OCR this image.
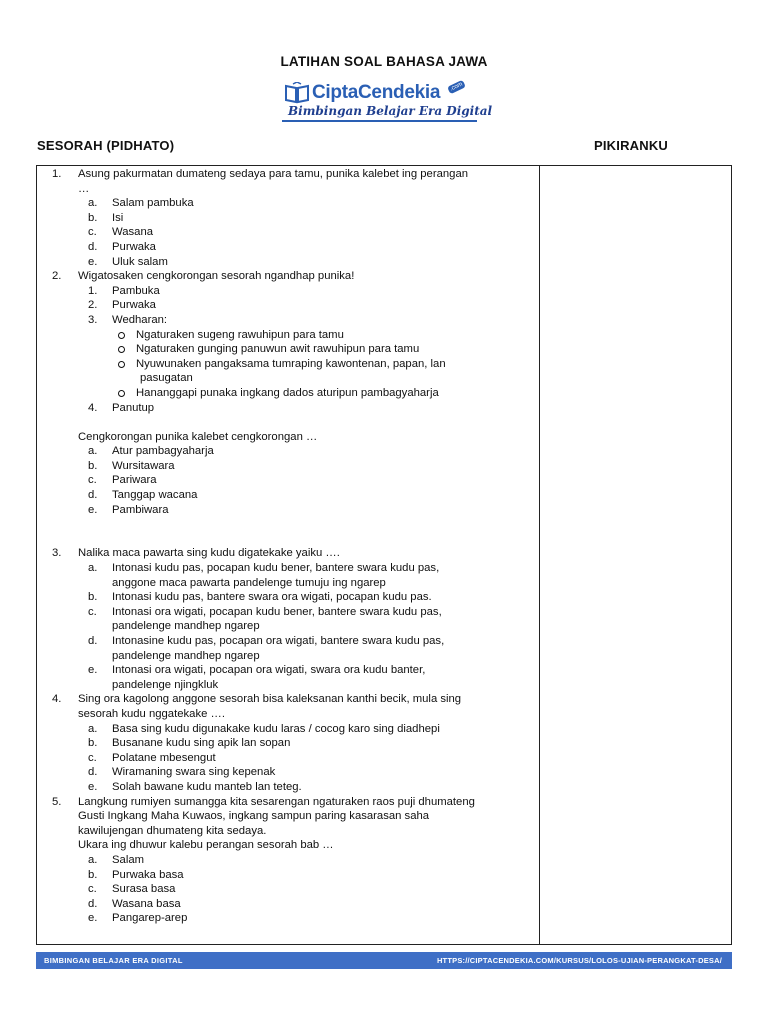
LATIHAN SOAL BAHASA JAWA
CiptaCendekia	.com
Bimbingan Belajar Era Digital
SESORAH (PIDHATO)	PIKIRANKU
1.	Asung pakurmatan dumateng sedaya para tamu, punika kalebet ing perangan
…
a. Salam pambuka
b. Isi
c. Wasana
d. Purwaka
e. Uluk salam
2.	Wigatosaken cengkorongan sesorah ngandhap punika!
1. Pambuka
2. Purwaka
3. Wedharan:
Ngaturaken sugeng rawuhipun para tamu
Ngaturaken gunging panuwun awit rawuhipun para tamu
Nyuwunaken pangaksama tumraping kawontenan, papan, lan
pasugatan
Hananggapi punaka ingkang dados aturipun pambagyaharja
4. Panutup
Cengkorongan punika kalebet cengkorongan …
a. Atur pambagyaharja
b. Wursitawara
c. Pariwara
d. Tanggap wacana
e. Pambiwara
3.	Nalika maca pawarta sing kudu digatekake yaiku ….
a. Intonasi kudu pas, pocapan kudu bener, bantere swara kudu pas,
anggone maca pawarta pandelenge tumuju ing ngarep
b. Intonasi kudu pas, bantere swara ora wigati, pocapan kudu pas.
c. Intonasi ora wigati, pocapan kudu bener, bantere swara kudu pas,
pandelenge mandhep ngarep
d. Intonasine kudu pas, pocapan ora wigati, bantere swara kudu pas,
pandelenge mandhep ngarep
e. Intonasi ora wigati, pocapan ora wigati, swara ora kudu banter,
pandelenge njingkluk
4.	Sing ora kagolong anggone sesorah bisa kaleksanan kanthi becik, mula sing
sesorah kudu nggatekake ….
a. Basa sing kudu digunakake kudu laras / cocog karo sing diadhepi
b. Busanane kudu sing apik lan sopan
c. Polatane mbesengut
d. Wiramaning swara sing kepenak
e. Solah bawane kudu manteb lan teteg.
5.	Langkung rumiyen sumangga kita sesarengan ngaturaken raos puji dhumateng
Gusti Ingkang Maha Kuwaos, ingkang sampun paring kasarasan saha
kawilujengan dhumateng kita sedaya.
Ukara ing dhuwur kalebu perangan sesorah bab …
a. Salam
b. Purwaka basa
c. Surasa basa
d. Wasana basa
e. Pangarep-arep
BIMBINGAN BELAJAR ERA DIGITAL	HTTPS://CIPTACENDEKIA.COM/KURSUS/LOLOS-UJIAN-PERANGKAT-DESA/
